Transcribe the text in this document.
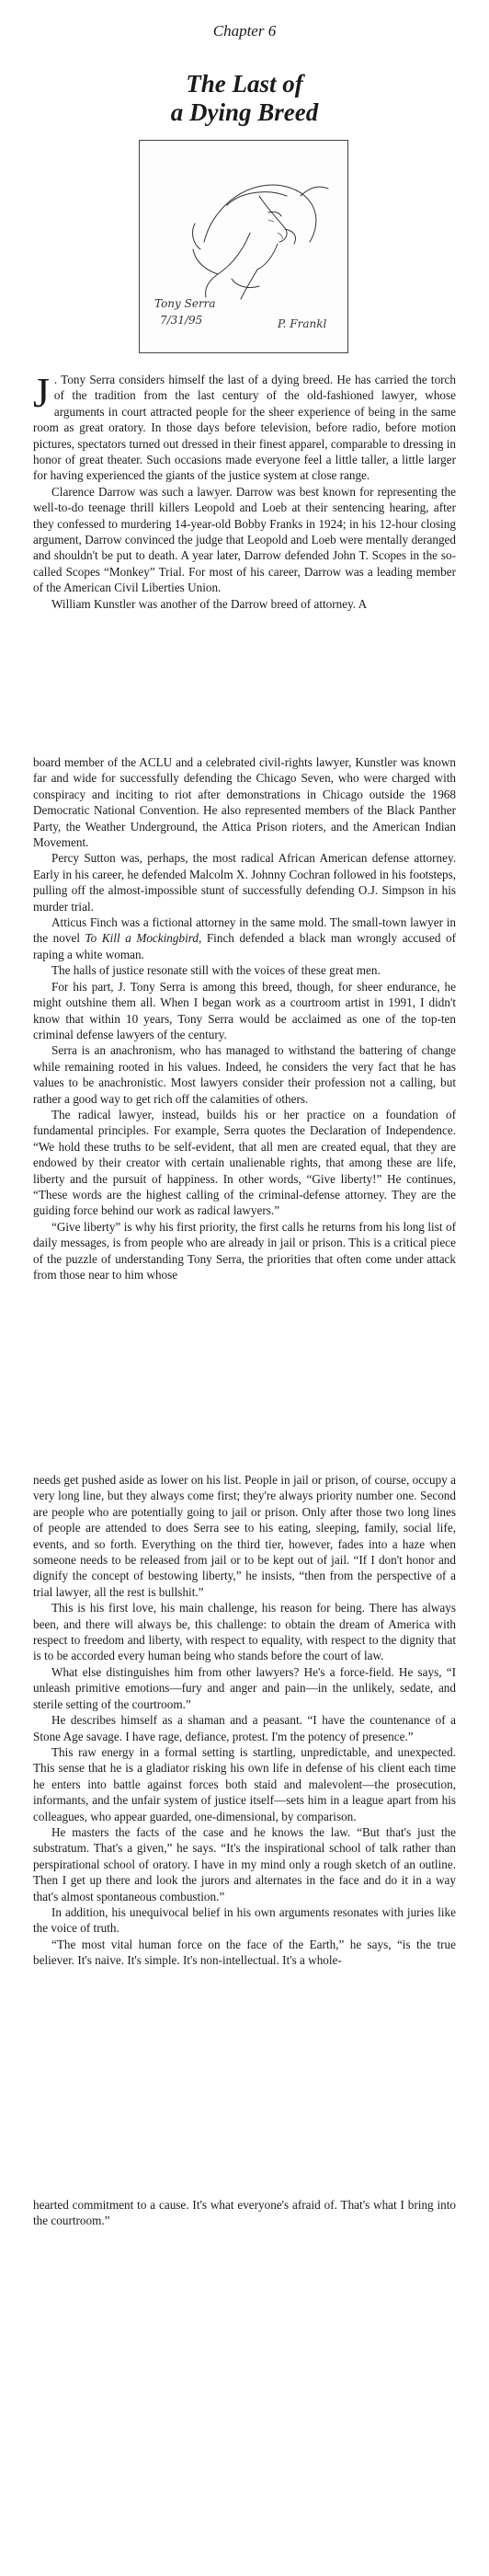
Chapter 6
The Last of
a Dying Breed
Tony Serra
7/31/95	P. Frankl

J . Tony Serra considers himself the last of a dying breed. He has carried the torch of the tradition from the last century of the old-fashioned lawyer, whose arguments in court attracted people for the sheer experience of being in the same room as great oratory. In those days before television, before radio, before motion pictures, spectators turned out dressed in their finest apparel, comparable to dressing in honor of great theater. Such occasions made everyone feel a little taller, a little larger for having experienced the giants of the justice system at close range.

Clarence Darrow was such a lawyer. Darrow was best known for representing the well-to-do teenage thrill killers Leopold and Loeb at their sentencing hearing, after they confessed to murdering 14-year-old Bobby Franks in 1924; in his 12-hour closing argument, Darrow convinced the judge that Leopold and Loeb were mentally deranged and shouldn't be put to death. A year later, Darrow defended John T. Scopes in the so-called Scopes “Monkey” Trial. For most of his career, Darrow was a leading member of the American Civil Liberties Union.

William Kunstler was another of the Darrow breed of attorney. A

board member of the ACLU and a celebrated civil-rights lawyer, Kunstler was known far and wide for successfully defending the Chicago Seven, who were charged with conspiracy and inciting to riot after demonstrations in Chicago outside the 1968 Democratic National Convention. He also represented members of the Black Panther Party, the Weather Underground, the Attica Prison rioters, and the American Indian Movement.

Percy Sutton was, perhaps, the most radical African American defense attorney. Early in his career, he defended Malcolm X. Johnny Cochran followed in his footsteps, pulling off the almost-impossible stunt of successfully defending O.J. Simpson in his murder trial.

Atticus Finch was a fictional attorney in the same mold. The small-town lawyer in the novel To Kill a Mockingbird, Finch defended a black man wrongly accused of raping a white woman.

The halls of justice resonate still with the voices of these great men.

For his part, J. Tony Serra is among this breed, though, for sheer endurance, he might outshine them all. When I began work as a courtroom artist in 1991, I didn't know that within 10 years, Tony Serra would be acclaimed as one of the top-ten criminal defense lawyers of the century.

Serra is an anachronism, who has managed to withstand the battering of change while remaining rooted in his values. Indeed, he considers the very fact that he has values to be anachronistic. Most lawyers consider their profession not a calling, but rather a good way to get rich off the calamities of others.

The radical lawyer, instead, builds his or her practice on a foundation of fundamental principles. For example, Serra quotes the Declaration of Independence. “We hold these truths to be self-evident, that all men are created equal, that they are endowed by their creator with certain unalienable rights, that among these are life, liberty and the pursuit of happiness. In other words, “Give liberty!” He continues, “These words are the highest calling of the criminal-defense attorney. They are the guiding force behind our work as radical lawyers.”

“Give liberty” is why his first priority, the first calls he returns from his long list of daily messages, is from people who are already in jail or prison. This is a critical piece of the puzzle of understanding Tony Serra, the priorities that often come under attack from those near to him whose

needs get pushed aside as lower on his list. People in jail or prison, of course, occupy a very long line, but they always come first; they're always priority number one. Second are people who are potentially going to jail or prison. Only after those two long lines of people are attended to does Serra see to his eating, sleeping, family, social life, events, and so forth. Everything on the third tier, however, fades into a haze when someone needs to be released from jail or to be kept out of jail. “If I don't honor and dignify the concept of bestowing liberty,” he insists, “then from the perspective of a trial lawyer, all the rest is bullshit.”

This is his first love, his main challenge, his reason for being. There has always been, and there will always be, this challenge: to obtain the dream of America with respect to freedom and liberty, with respect to equality, with respect to the dignity that is to be accorded every human being who stands before the court of law.

What else distinguishes him from other lawyers? He's a force-field. He says, “I unleash primitive emotions—fury and anger and pain—in the unlikely, sedate, and sterile setting of the courtroom.”

He describes himself as a shaman and a peasant. “I have the countenance of a Stone Age savage. I have rage, defiance, protest. I'm the potency of presence.”

This raw energy in a formal setting is startling, unpredictable, and unexpected. This sense that he is a gladiator risking his own life in defense of his client each time he enters into battle against forces both staid and malevolent—the prosecution, informants, and the unfair system of justice itself—sets him in a league apart from his colleagues, who appear guarded, one-dimensional, by comparison.

He masters the facts of the case and he knows the law. “But that's just the substratum. That's a given,” he says. “It's the inspirational school of talk rather than perspirational school of oratory. I have in my mind only a rough sketch of an outline. Then I get up there and look the jurors and alternates in the face and do it in a way that's almost spontaneous combustion.”

In addition, his unequivocal belief in his own arguments resonates with juries like the voice of truth.

“The most vital human force on the face of the Earth,” he says, “is the true believer. It's naive. It's simple. It's non-intellectual. It's a whole-

hearted commitment to a cause. It's what everyone's afraid of. That's what I bring into the courtroom.”
